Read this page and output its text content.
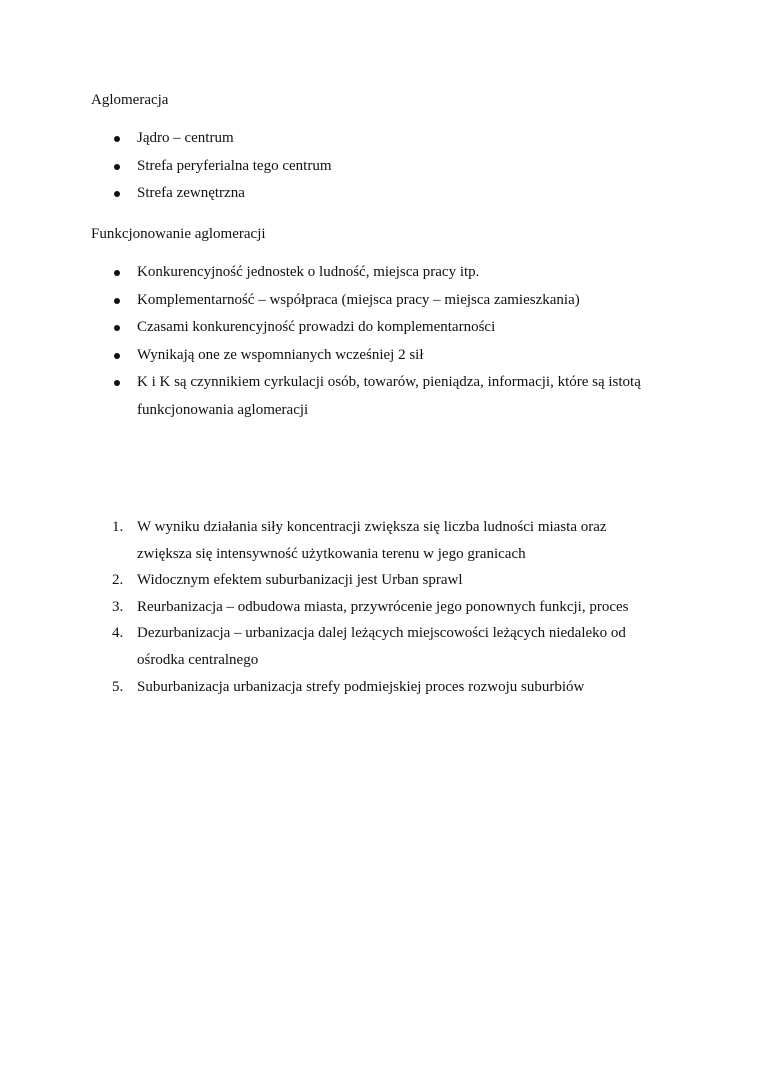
Aglomeracja
Jądro – centrum
Strefa peryferialna tego centrum
Strefa zewnętrzna
Funkcjonowanie aglomeracji
Konkurencyjność jednostek o ludność, miejsca pracy itp.
Komplementarność – współpraca (miejsca pracy – miejsca zamieszkania)
Czasami konkurencyjność prowadzi do komplementarności
Wynikają one ze wspomnianych wcześniej 2 sił
K i K są czynnikiem cyrkulacji osób, towarów, pieniądza, informacji, które są istotą funkcjonowania aglomeracji
1. W wyniku działania siły koncentracji zwiększa się liczba ludności miasta oraz zwiększa się intensywność użytkowania terenu w jego granicach
2. Widocznym efektem suburbanizacji jest Urban sprawl
3. Reurbanizacja – odbudowa miasta, przywrócenie jego ponownych funkcji, proces
4. Dezurbanizacja – urbanizacja dalej leżących miejscowości leżących niedaleko od ośrodka centralnego
5. Suburbanizacja urbanizacja strefy podmiejskiej proces rozwoju suburbiów
